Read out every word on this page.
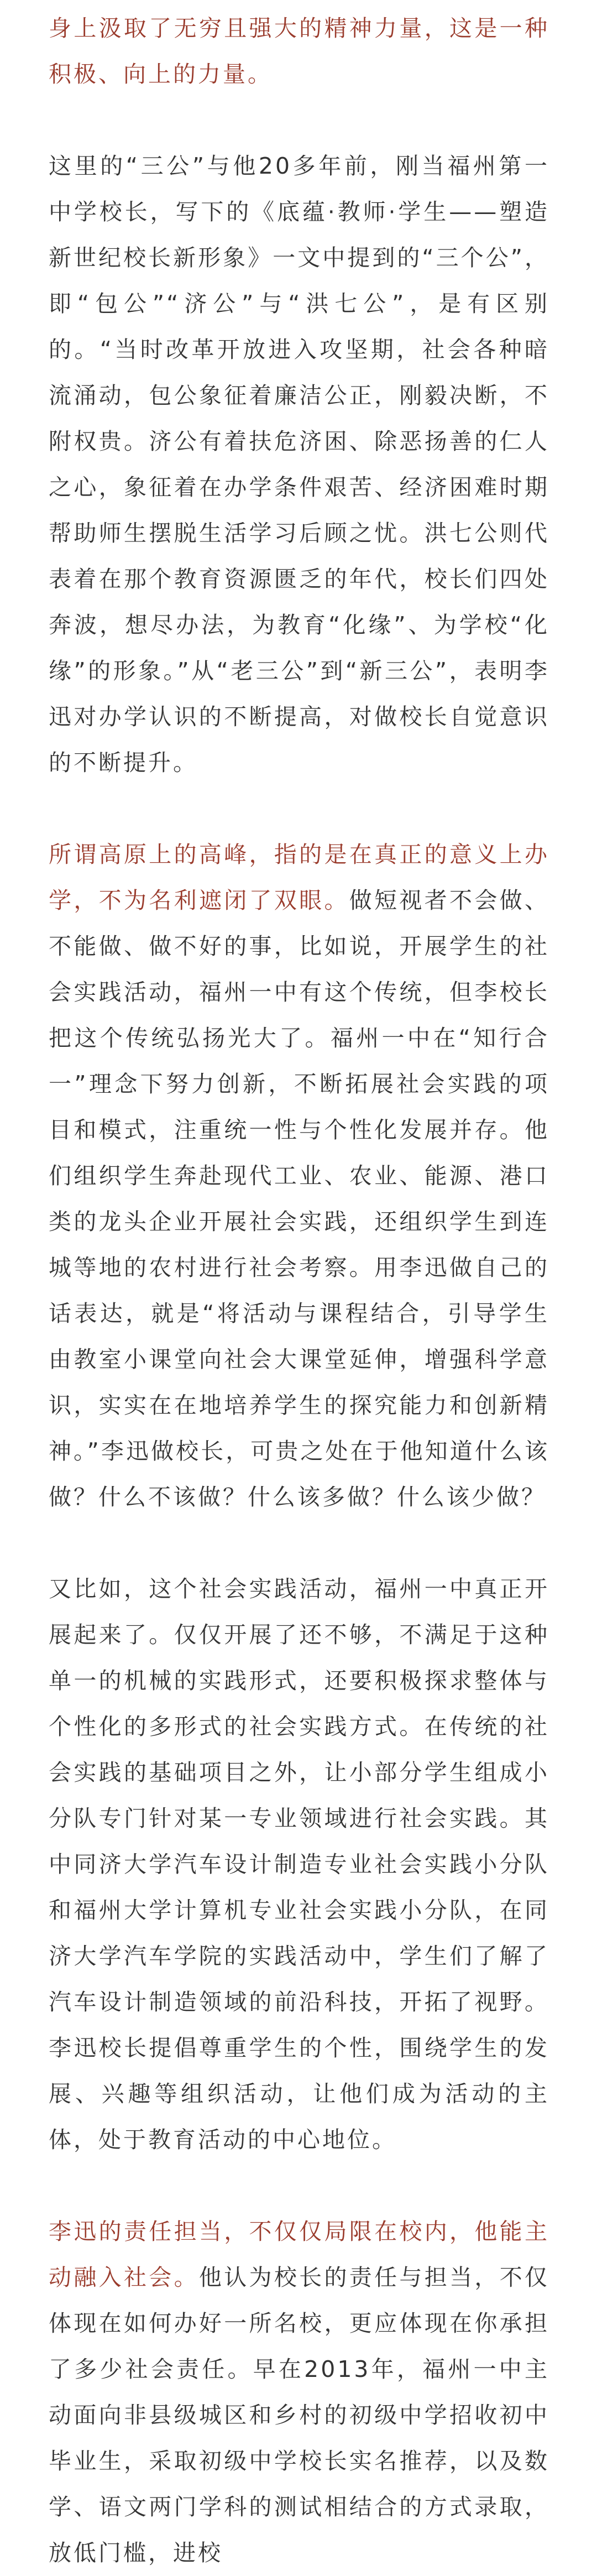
身上汲取了无穷且强大的精神力量，这是一种积极、向上的力量。

这里的“三公”与他20多年前，刚当福州第一中学校长，写下的《底蕴·教师·学生——塑造新世纪校长新形象》一文中提到的“三个公”，即“包公”“济公”与“洪七公”，是有区别的。“当时改革开放进入攻坚期，社会各种暗流涌动，包公象征着廉洁公正，刚毅决断，不附权贵。济公有着扶危济困、除恶扬善的仁人之心，象征着在办学条件艰苦、经济困难时期帮助师生摆脱生活学习后顾之忧。洪七公则代表着在那个教育资源匮乏的年代，校长们四处奔波，想尽办法，为教育“化缘”、为学校“化缘”的形象。”从“老三公”到“新三公”，表明李迅对办学认识的不断提高，对做校长自觉意识的不断提升。

所谓高原上的高峰，指的是在真正的意义上办学，不为名利遮闭了双眼。做短视者不会做、不能做、做不好的事，比如说，开展学生的社会实践活动，福州一中有这个传统，但李校长把这个传统弘扬光大了。福州一中在“知行合一”理念下努力创新，不断拓展社会实践的项目和模式，注重统一性与个性化发展并存。他们组织学生奔赴现代工业、农业、能源、港口类的龙头企业开展社会实践，还组织学生到连城等地的农村进行社会考察。用李迅做自己的话表达，就是“将活动与课程结合，引导学生由教室小课堂向社会大课堂延伸，增强科学意识，实实在在地培养学生的探究能力和创新精神。”李迅做校长，可贵之处在于他知道什么该做？什么不该做？什么该多做？什么该少做？

又比如，这个社会实践活动，福州一中真正开展起来了。仅仅开展了还不够，不满足于这种单一的机械的实践形式，还要积极探求整体与个性化的多形式的社会实践方式。在传统的社会实践的基础项目之外，让小部分学生组成小分队专门针对某一专业领域进行社会实践。其中同济大学汽车设计制造专业社会实践小分队和福州大学计算机专业社会实践小分队，在同济大学汽车学院的实践活动中，学生们了解了汽车设计制造领域的前沿科技，开拓了视野。李迅校长提倡尊重学生的个性，围绕学生的发展、兴趣等组织活动，让他们成为活动的主体，处于教育活动的中心地位。

李迅的责任担当，不仅仅局限在校内，他能主动融入社会。他认为校长的责任与担当，不仅体现在如何办好一所名校，更应体现在你承担了多少社会责任。早在2013年，福州一中主动面向非县级城区和乡村的初级中学招收初中毕业生，采取初级中学校长实名推荐，以及数学、语文两门学科的测试相结合的方式录取，放低门槛，进校
